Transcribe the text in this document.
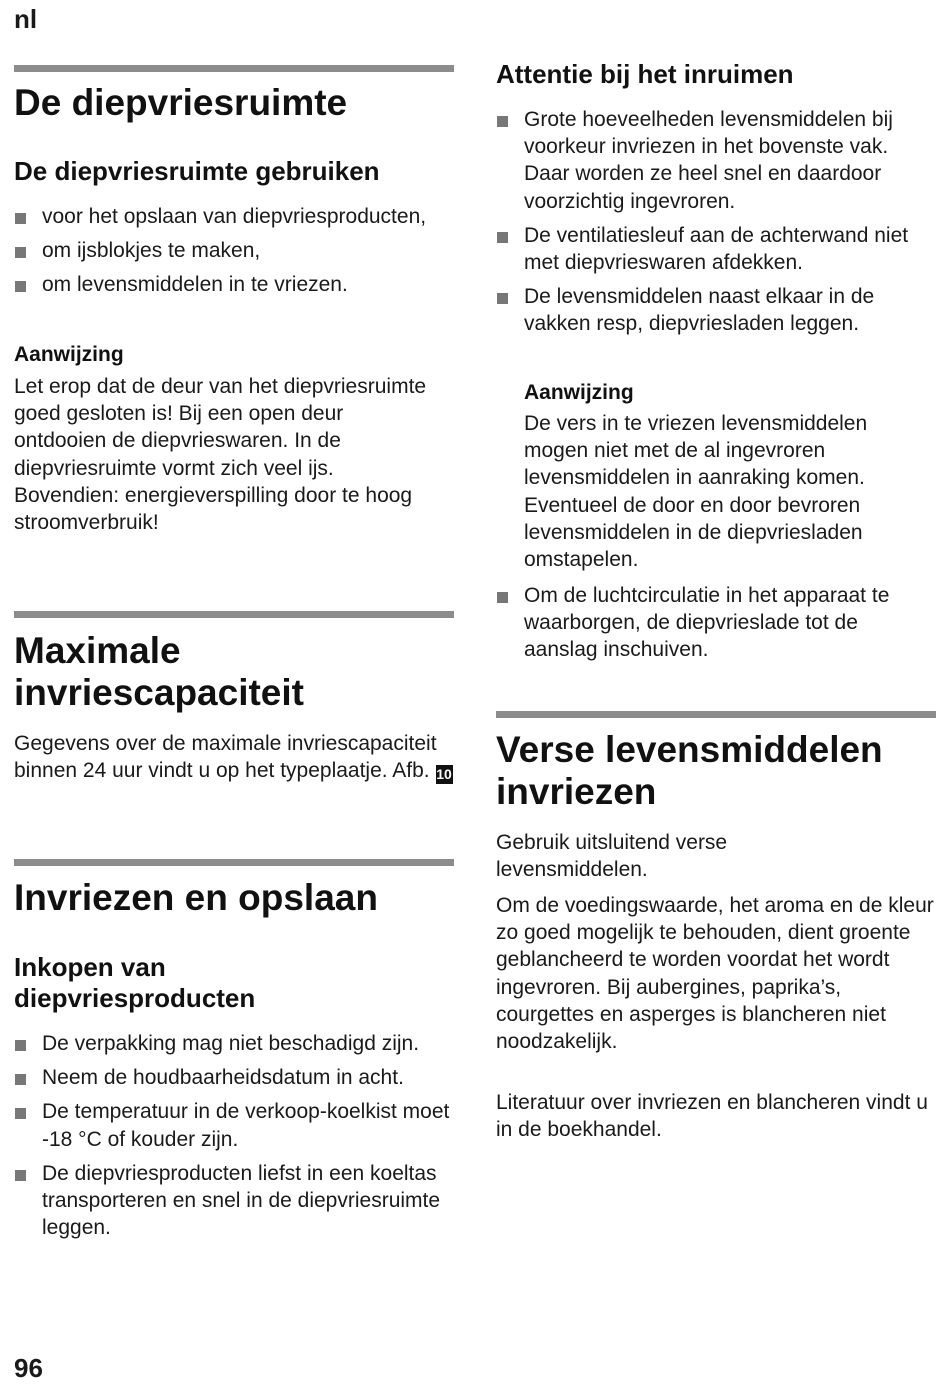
nl
De diepvriesruimte
De diepvriesruimte gebruiken
voor het opslaan van diepvriesproducten,
om ijsblokjes te maken,
om levensmiddelen in te vriezen.
Aanwijzing

Let erop dat de deur van het diepvriesruimte goed gesloten is! Bij een open deur ontdooien de diepvrieswaren. In de diepvriesruimte vormt zich veel ijs. Bovendien: energieverspilling door te hoog stroomverbruik!

Maximale invriescapaciteit

Gegevens over de maximale invriescapaciteit binnen 24 uur vindt u op het typeplaatje. Afb. 10

Invriezen en opslaan
Inkopen van diepvriesproducten
De verpakking mag niet beschadigd zijn.
Neem de houdbaarheidsdatum in acht.
De temperatuur in de verkoop-koelkist moet -18 °C of kouder zijn.
De diepvriesproducten liefst in een koeltas transporteren en snel in de diepvriesruimte leggen.
Attentie bij het inruimen
Grote hoeveelheden levensmiddelen bij voorkeur invriezen in het bovenste vak. Daar worden ze heel snel en daardoor voorzichtig ingevroren.
De ventilatiesleuf aan de achterwand niet met diepvrieswaren afdekken.
De levensmiddelen naast elkaar in de vakken resp, diepvriesladen leggen.
Aanwijzing

De vers in te vriezen levensmiddelen mogen niet met de al ingevroren levensmiddelen in aanraking komen. Eventueel de door en door bevroren levensmiddelen in de diepvriesladen omstapelen.

Om de luchtcirculatie in het apparaat te waarborgen, de diepvrieslade tot de aanslag inschuiven.
Verse levensmiddelen invriezen

Gebruik uitsluitend verse levensmiddelen.

Om de voedingswaarde, het aroma en de kleur zo goed mogelijk te behouden, dient groente geblancheerd te worden voordat het wordt ingevroren. Bij aubergines, paprika’s, courgettes en asperges is blancheren niet noodzakelijk.

Literatuur over invriezen en blancheren vindt u in de boekhandel.

96
